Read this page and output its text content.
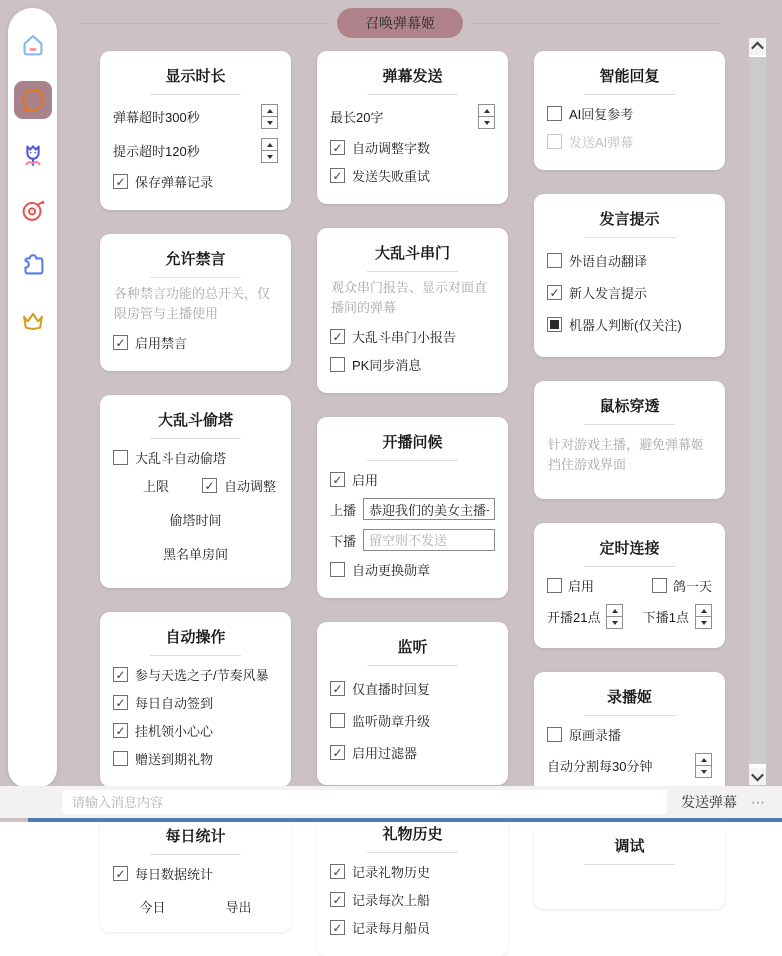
召唤弹幕姬
显示时长
弹幕超时300秒
提示超时120秒
✓
保存弹幕记录
允许禁言
各种禁言功能的总开关，仅限房管与主播使用
✓
启用禁言
大乱斗偷塔
大乱斗自动偷塔
上限 ✓	自动调整
偷塔时间
黑名单房间
自动操作
✓
参与天选之子/节奏风暴
✓
每日自动签到
✓
挂机领小心心
赠送到期礼物
每日统计
✓
每日数据统计
今日	导出
弹幕发送
最长20字
✓
自动调整字数
✓
发送失败重试
大乱斗串门
观众串门报告、显示对面直播间的弹幕
✓
大乱斗串门小报告
PK同步消息
开播问候
✓
启用
上播
恭迎我们的美女主播~
下播
留空则不发送
自动更换勋章
监听
✓
仅直播时回复
监听勋章升级
✓
启用过滤器
礼物历史
✓
记录礼物历史
✓
记录每次上船
✓
记录每月船员
智能回复
AI回复参考
发送AI弹幕
发言提示
外语自动翻译
✓
新人发言提示
机器人判断(仅关注)
鼠标穿透
针对游戏主播，避免弹幕姬挡住游戏界面
定时连接
启用	鸽一天
开播21点	下播1点
录播姬
原画录播
自动分割每30分钟
调试
请输入消息内容
发送弹幕 ⋯
